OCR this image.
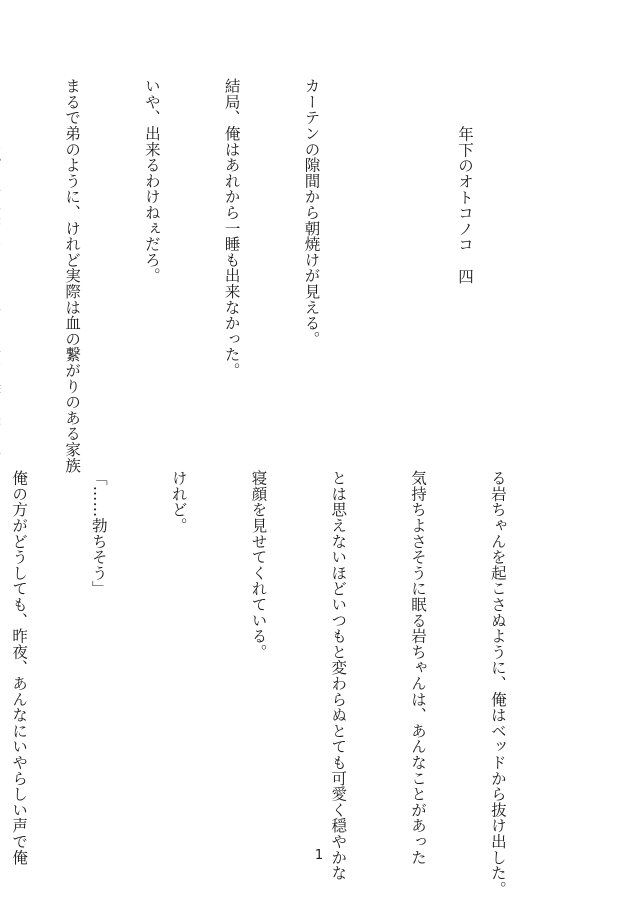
カーテンの隙間から朝焼けが見える。

結局、俺はあれから一睡も出来なかった。

いや、出来るわけねぇだろ。

まるで弟のように、けれど実際は血の繋がりのある家族

	年下のオトコノコ　四

る岩ちゃんを起こさぬように、俺はベッドから抜け出した。

気持ちよさそうに眠る岩ちゃんは、あんなことがあった

とは思えないほどいつもと変わらぬとても可愛く穏やかな

寝顔を見せてくれている。

けれど。

「……勃ちそう」

俺の方がどうしても、昨夜、あんなにいやらしい声で俺

	1
